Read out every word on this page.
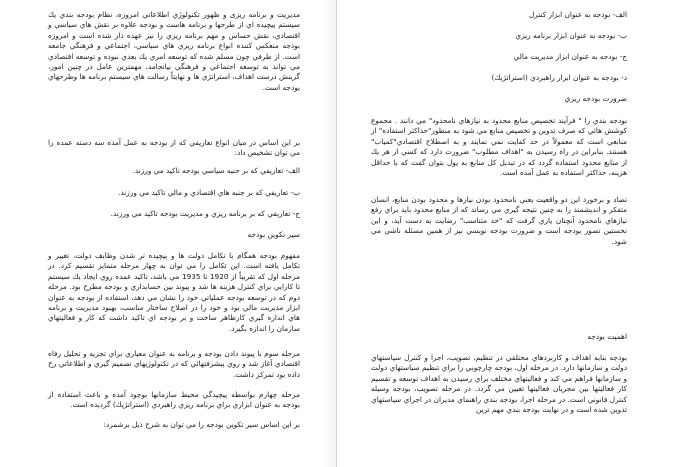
مدیریت و برنامه ریزی و ظهور تکنولوژي اطلاعاتي امروزه، نظام بودجه بندي یك سیستم پیچیده اي از طرحها و برنامه هاست و بودجه علاوه بر نقش هاي سیاسي و اقتصادي، نقش حساس و مهم برنامه ریزي را نیز عهده دار شده است و امروزه بودجه منعکس کننده انواع برنامه ریزي هاي سیاسي، اجتماعي و فرهنگي جامعه است. از طرفي چون مسلم شده که توسعه امري یك بعدي نبوده و توسعه اقتصادي مي تواند به توسعه اجتماعي و فرهنگي بیانجامد، مهمترین عامل در چنین امور، گزینش درست اهداف، استراتژي ها و نهایتاً رسالت هاي سیستم برنامه ها وطرحهاي بودجه است.

بر این اساس در میان انواع تعاریفي که از بودجه به عمل آمده سه دسته عمده را مي توان تشخیص داد:

الف- تعاریفي که بر جنبه سیاسي بودجه تاکید مي ورزند.

ب- تعاریفي که بر جنبه هاي اقتصادي و مالي تاکید مي ورزند.

ج- تعاریفي که بر برنامه ریزي و مدیریت بودجه تاکید مي ورزند.

سیر تکوین بودجه

مفهوم بودجه همگام با تکامل دولت ها و پیچیده تر شدن وظایف دولت، تغییر و تکامل یافته است. این تکامل را مي توان به چهار مرحله متمایز تقسیم کرد. در مرحله اول که تقریباً از 1920 تا 1935 مي باشد، تاکید عمده روي ایجاد یك سیستم تا کارایي براي کنترل هزینه ها شد و پیوند بین حسابداري و بودجه مطرح بود. مرحله دوم که در توسعه بودجه عملیاتي خود را نشان مي دهد، استفاده از بودجه به عنوان ابزار مدیریت مالي بود و خود را در اصلاح ساختار مناسب، بهبود مدیریت و برنامه هاي اندازه گیري کارظاهر ساخت و بر بودجه اي تاکید داشت که کار و فعالیتهاي سازمان را اندازه بگیرد.

مرحله سوم با پیوند دادن بودجه و برنامه به عنوان معیاري براي تجزیه و تحلیل رفاه اقتصادي آغاز شد و روي پیشرفتهائي که در تکنولوژیهاي تصمیم گیري و اطلاعاتي رخ داده بود تمرکز داشت.

مرحله چهارم بواسطه پیچیدگي محیط سازمانها بوجود آمده و باعث استفاده از بودجه به عنوان ابزاري براي برنامه ریزي راهبردي (استراتژیك) گردیده است.

بر این اساس سیر تکوین بودجه را مي توان به شرح ذیل برشمرد:

الف- بودجه به عنوان ابزار کنترل

ب- بودجه به عنوان ابزار برنامه ریزي

ج- بودجه به عنوان ابزار مدیریت مالي

د- بودجه به عنوان ابزار راهبردي (استراتژیك)

ضرورت بودجه ریزي

بودجه بندي را " فرآیند تخصیص منابع محدود به نیازهاي نامحدود" مي دانند . مجموع کوشش هائي که صرف تدوین و تخصیص منابع مي شود به منظور"حداکثر استفاده" از منابعي است که معمولاً در حد کفایت نمي نمایند و به اصطلاح اقتصادي"کمیاب" هستند. بنابراین در راه رسیدن به "اهداف مطلوب" ضرورت دارد که کسي از هر یك از منابع محدود استفاده گردد که در تبدیل کل منابع به پول بتوان گفت که با حداقل هزینه، حداکثر استفاده به عمل آمده است.

تضاد و برخورد این دو واقعیت یعني نامحدود بودن نیازها و محدود بودن منابع، انسان متفکر و اندیشمند را به چنین نتیجه گیري مي رساند که از منابع محدود باید براي رفع نیازهاي نامحدود آنچنان یاري گرفت که "حد متناسب" رضایت به دست آید، و این نخستین تصور بودجه است و ضرورت بودجه نویسي نیز از همین مسئله ناشي مي شود.

اهمیت بودجه

بودجه بنابه اهداف و کاربردهاي مختلفي در تنظیم، تصویب، اجرا و کنترل سیاستهاي دولت و سازمانها دارد. در مرحله اول، بودجه چارچوبي را براي تنظیم سیاستهاي دولت و سازمانها فراهم مي کند و فعالیتهاي مختلف براي رسیدن به اهداف توسعه و تقسیم کار فعالیتها بین مجریان فعالیتها تعیین مي گردد. در مرحله تصویب، بودجه وسیله کنترل قانوني است. در مرحله اجرا، بودجه بندي راهنماي مدیران در اجراي سیاستهاي تدوین شده است و در نهایت بودجه بندي مهم ترین
